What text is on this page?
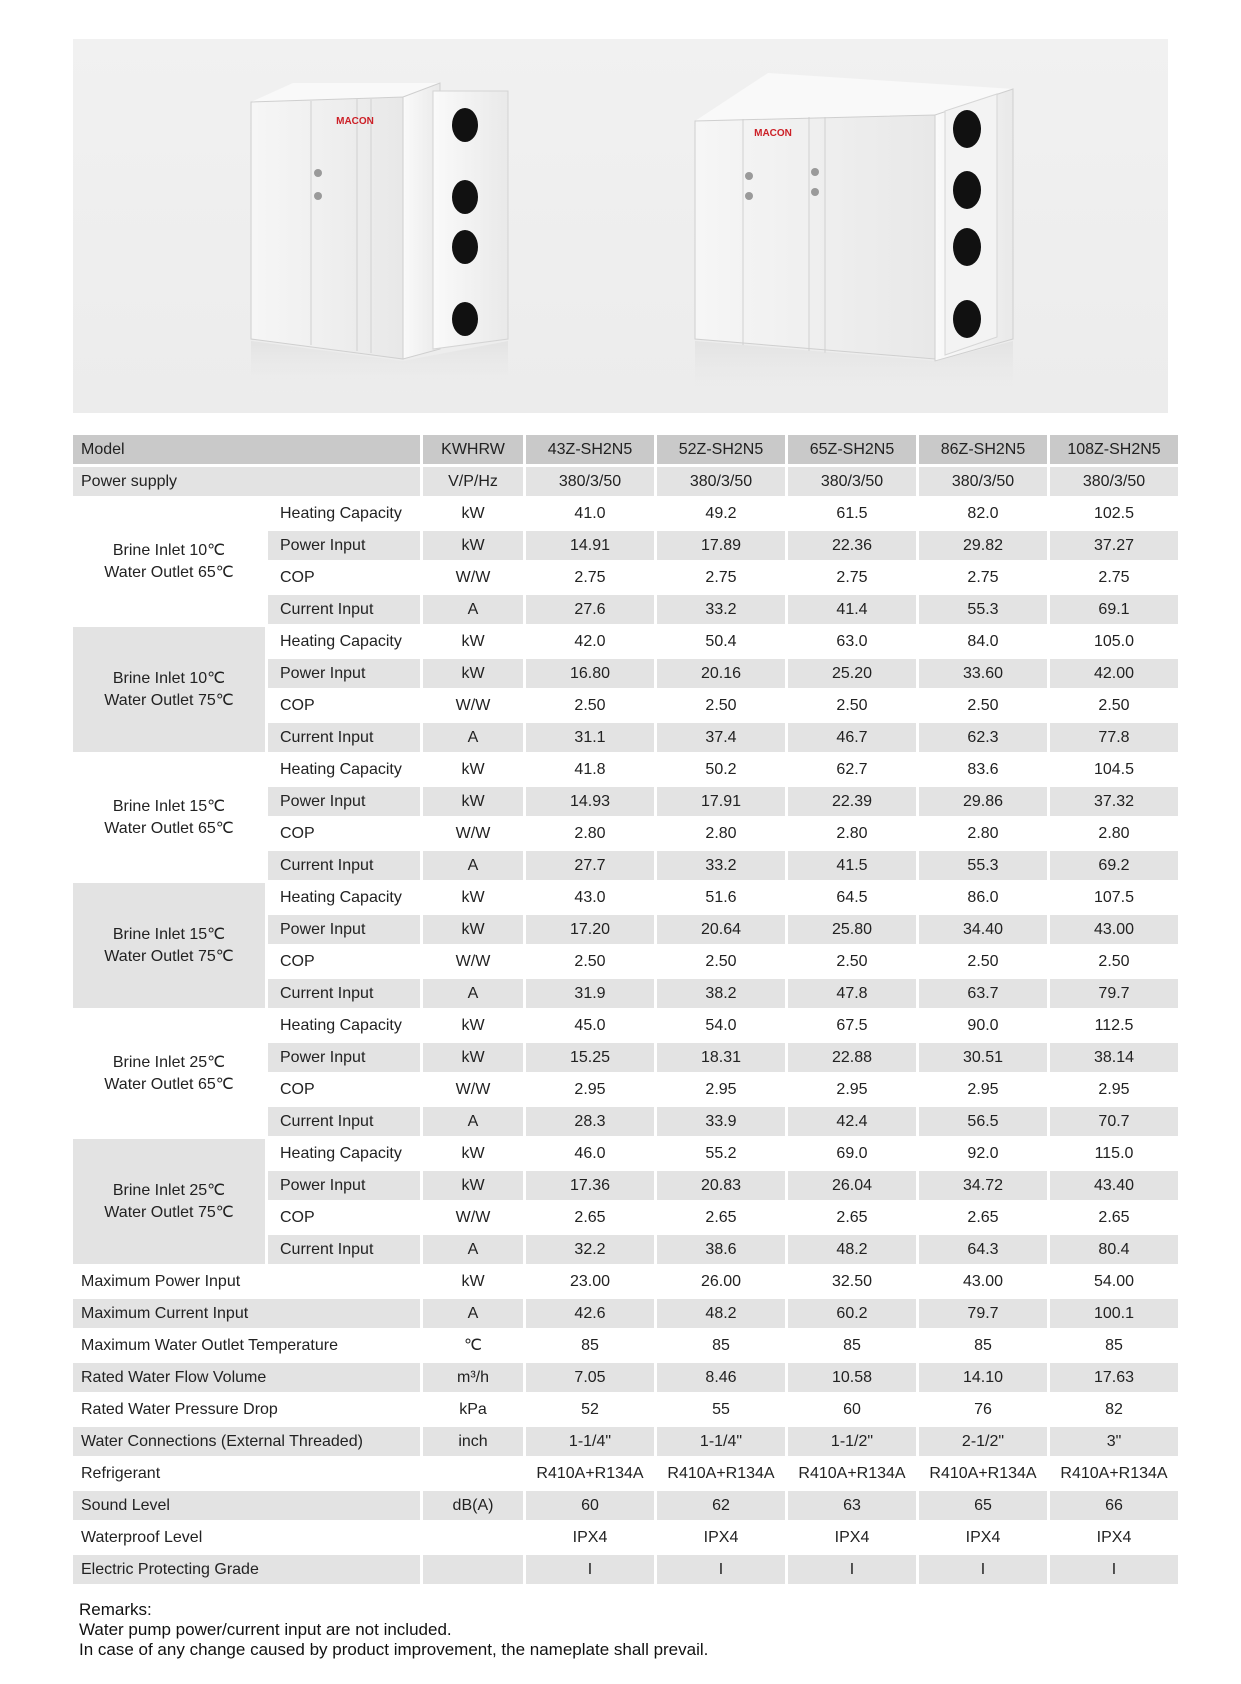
MACON
MACON
Model		KWHRW	43Z-SH2N5	52Z-SH2N5	65Z-SH2N5	86Z-SH2N5	108Z-SH2N5
Power supply		V/P/Hz	380/3/50	380/3/50	380/3/50	380/3/50	380/3/50

Brine Inlet 10℃
Water Outlet 65℃	Heating Capacity	kW	41.0	49.2	61.5	82.0	102.5
	Power Input	kW	14.91	17.89	22.36	29.82	37.27
	COP	W/W	2.75	2.75	2.75	2.75	2.75
	Current Input	A	27.6	33.2	41.4	55.3	69.1

Brine Inlet 10℃
Water Outlet 75℃	Heating Capacity	kW	42.0	50.4	63.0	84.0	105.0
	Power Input	kW	16.80	20.16	25.20	33.60	42.00
	COP	W/W	2.50	2.50	2.50	2.50	2.50
	Current Input	A	31.1	37.4	46.7	62.3	77.8

Brine Inlet 15℃
Water Outlet 65℃	Heating Capacity	kW	41.8	50.2	62.7	83.6	104.5
	Power Input	kW	14.93	17.91	22.39	29.86	37.32
	COP	W/W	2.80	2.80	2.80	2.80	2.80
	Current Input	A	27.7	33.2	41.5	55.3	69.2

Brine Inlet 15℃
Water Outlet 75℃	Heating Capacity	kW	43.0	51.6	64.5	86.0	107.5
	Power Input	kW	17.20	20.64	25.80	34.40	43.00
	COP	W/W	2.50	2.50	2.50	2.50	2.50
	Current Input	A	31.9	38.2	47.8	63.7	79.7

Brine Inlet 25℃
Water Outlet 65℃	Heating Capacity	kW	45.0	54.0	67.5	90.0	112.5
	Power Input	kW	15.25	18.31	22.88	30.51	38.14
	COP	W/W	2.95	2.95	2.95	2.95	2.95
	Current Input	A	28.3	33.9	42.4	56.5	70.7

Brine Inlet 25℃
Water Outlet 75℃	Heating Capacity	kW	46.0	55.2	69.0	92.0	115.0
	Power Input	kW	17.36	20.83	26.04	34.72	43.40
	COP	W/W	2.65	2.65	2.65	2.65	2.65
	Current Input	A	32.2	38.6	48.2	64.3	80.4
Maximum Power Input		kW	23.00	26.00	32.50	43.00	54.00
Maximum Current Input		A	42.6	48.2	60.2	79.7	100.1
Maximum Water Outlet Temperature		℃	85	85	85	85	85
Rated Water Flow Volume		m³/h	7.05	8.46	10.58	14.10	17.63
Rated Water Pressure Drop		kPa	52	55	60	76	82
Water Connections (External Threaded)		inch	1-1/4"	1-1/4"	1-1/2"	2-1/2"	3"
Refrigerant			R410A+R134A	R410A+R134A	R410A+R134A	R410A+R134A	R410A+R134A
Sound Level		dB(A)	60	62	63	65	66
Waterproof Level			IPX4	IPX4	IPX4	IPX4	IPX4
Electric Protecting Grade			I	I	I	I	I
Remarks:
Water pump power/current input are not included.
In case of any change caused by product improvement, the nameplate shall prevail.
